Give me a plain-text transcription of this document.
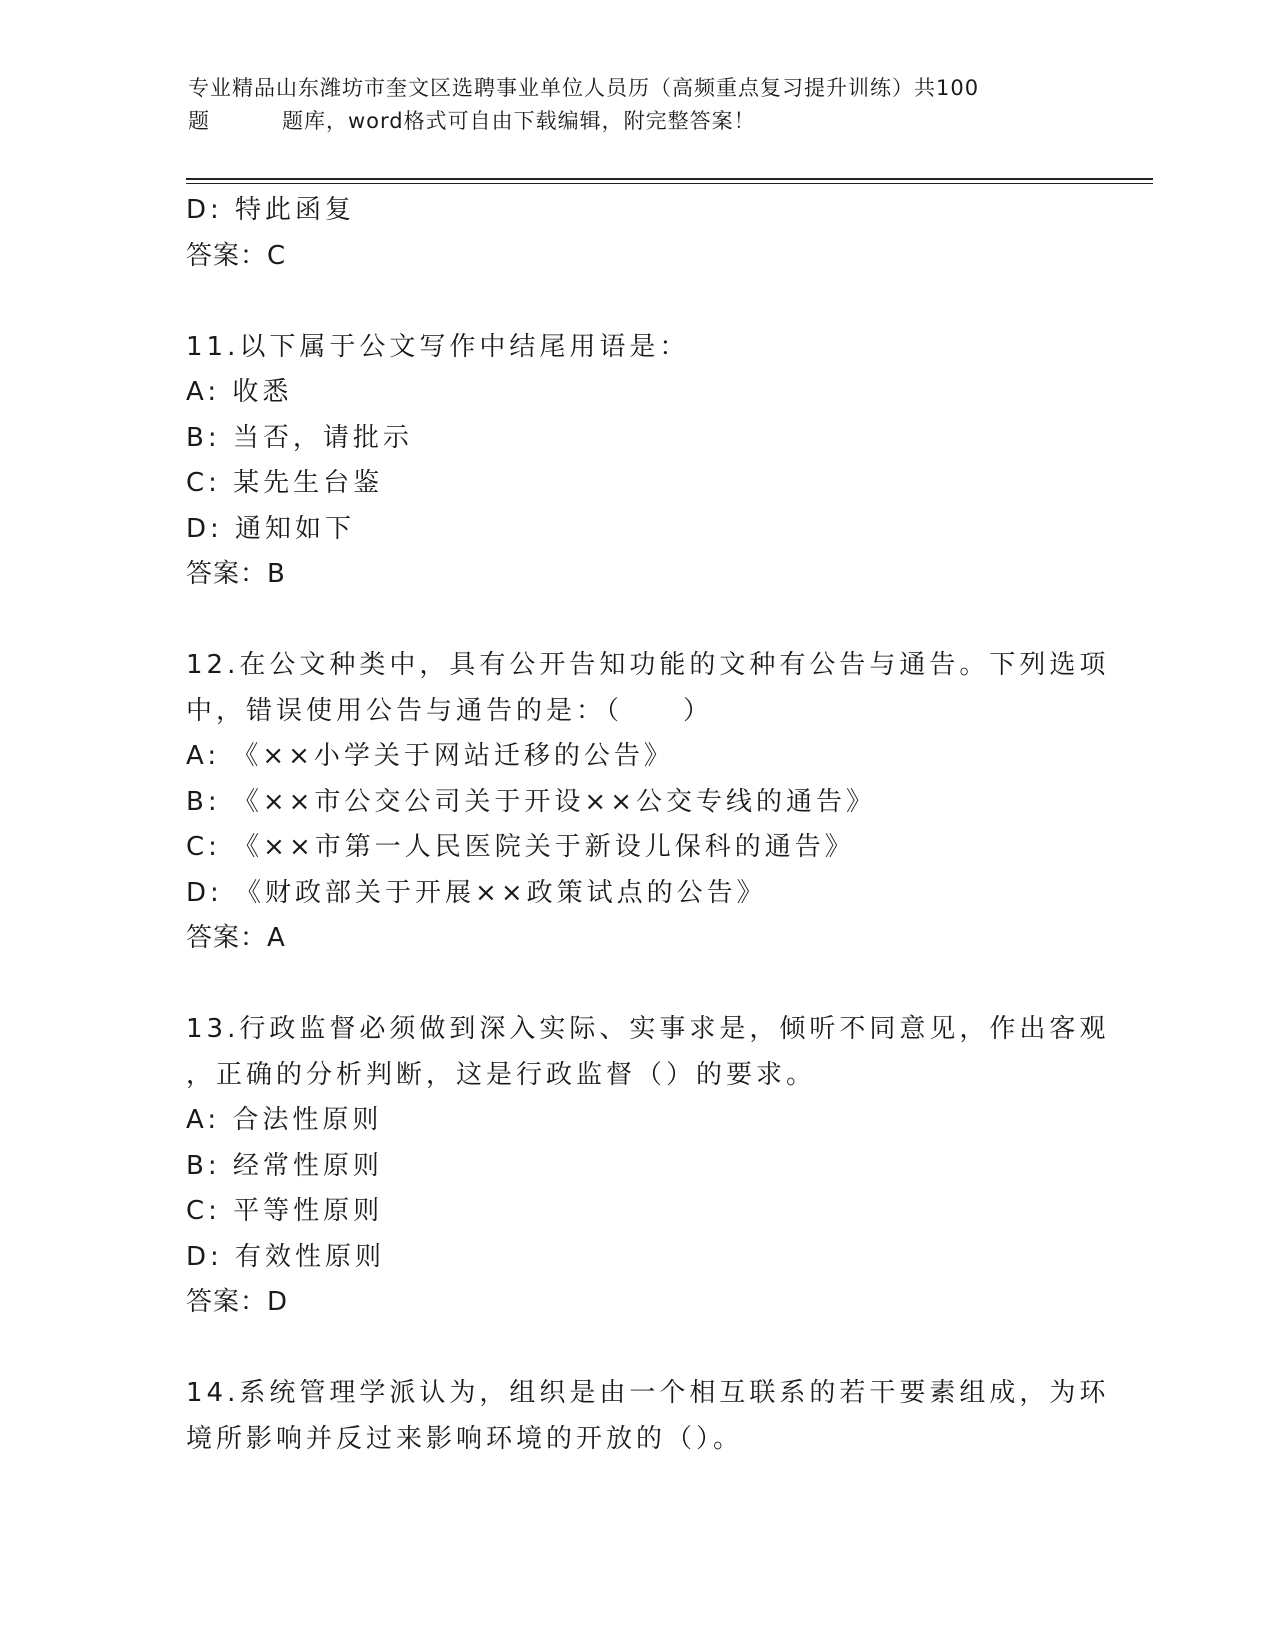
专业精品山东潍坊市奎文区选聘事业单位人员历（高频重点复习提升训练）共100
题	题库，word格式可自由下载编辑，附完整答案！
D: 特此函复
答案：C
11.以下属于公文写作中结尾用语是：
A: 收悉
B: 当否，请批示
C: 某先生台鉴
D: 通知如下
答案：B
12.在公文种类中，具有公开告知功能的文种有公告与通告。下列选项
中，错误使用公告与通告的是：（　　）
A: 《××小学关于网站迁移的公告》
B: 《××市公交公司关于开设××公交专线的通告》
C: 《××市第一人民医院关于新设儿保科的通告》
D: 《财政部关于开展××政策试点的公告》
答案：A
13.行政监督必须做到深入实际、实事求是，倾听不同意见，作出客观
，正确的分析判断，这是行政监督（）的要求。
A: 合法性原则
B: 经常性原则
C: 平等性原则
D: 有效性原则
答案：D
14.系统管理学派认为，组织是由一个相互联系的若干要素组成，为环
境所影响并反过来影响环境的开放的（）。
